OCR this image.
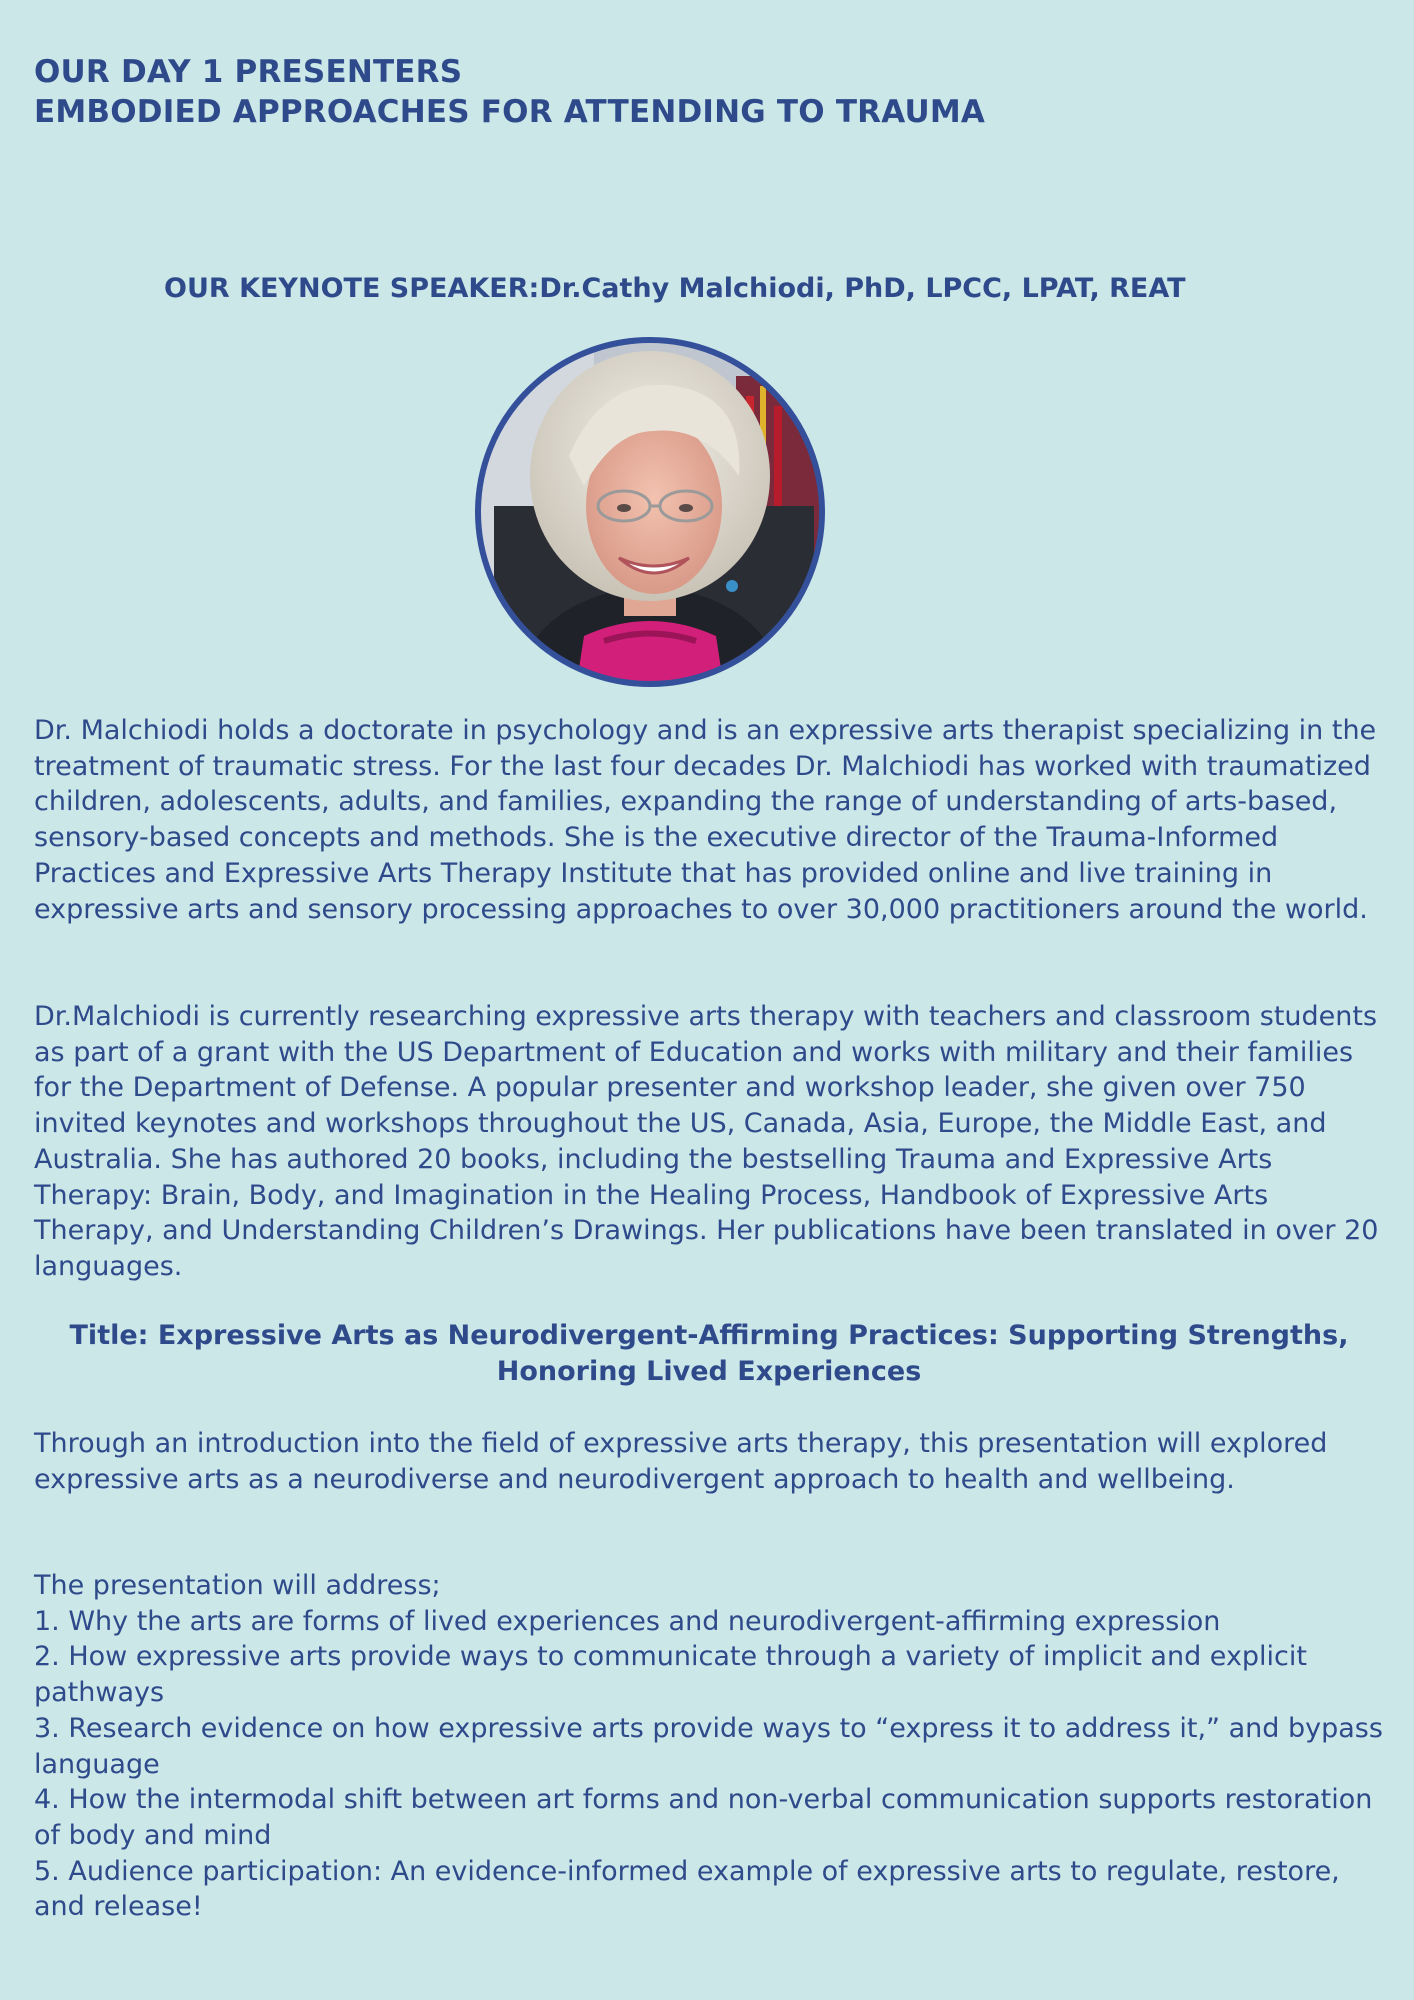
OUR DAY 1 PRESENTERS
EMBODIED APPROACHES FOR ATTENDING TO TRAUMA
OUR KEYNOTE SPEAKER:Dr.Cathy Malchiodi, PhD, LPCC, LPAT, REAT

Dr. Malchiodi holds a doctorate in psychology and is an expressive arts therapist specializing in the treatment of traumatic stress. For the last four decades Dr. Malchiodi has worked with traumatized children, adolescents, adults, and families, expanding the range of understanding of arts-based, sensory-based concepts and methods. She is the executive director of the Trauma-Informed Practices and Expressive Arts Therapy Institute that has provided online and live training in expressive arts and sensory processing approaches to over 30,000 practitioners around the world.

Dr.Malchiodi is currently researching expressive arts therapy with teachers and classroom students as part of a grant with the US Department of Education and works with military and their families for the Department of Defense. A popular presenter and workshop leader, she given over 750 invited keynotes and workshops throughout the US, Canada, Asia, Europe, the Middle East, and Australia. She has authored 20 books, including the bestselling Trauma and Expressive Arts Therapy: Brain, Body, and Imagination in the Healing Process, Handbook of Expressive Arts Therapy, and Understanding Children’s Drawings. Her publications have been translated in over 20 languages.

Title: Expressive Arts as Neurodivergent-Affirming Practices: Supporting Strengths, Honoring Lived Experiences

Through an introduction into the field of expressive arts therapy, this presentation will explored expressive arts as a neurodiverse and neurodivergent approach to health and wellbeing.

The presentation will address;
1. Why the arts are forms of lived experiences and neurodivergent-affirming expression
2. How expressive arts provide ways to communicate through a variety of implicit and explicit pathways
3. Research evidence on how expressive arts provide ways to “express it to address it,” and bypass language
4. How the intermodal shift between art forms and non-verbal communication supports restoration of body and mind
5. Audience participation: An evidence-informed example of expressive arts to regulate, restore, and release!
